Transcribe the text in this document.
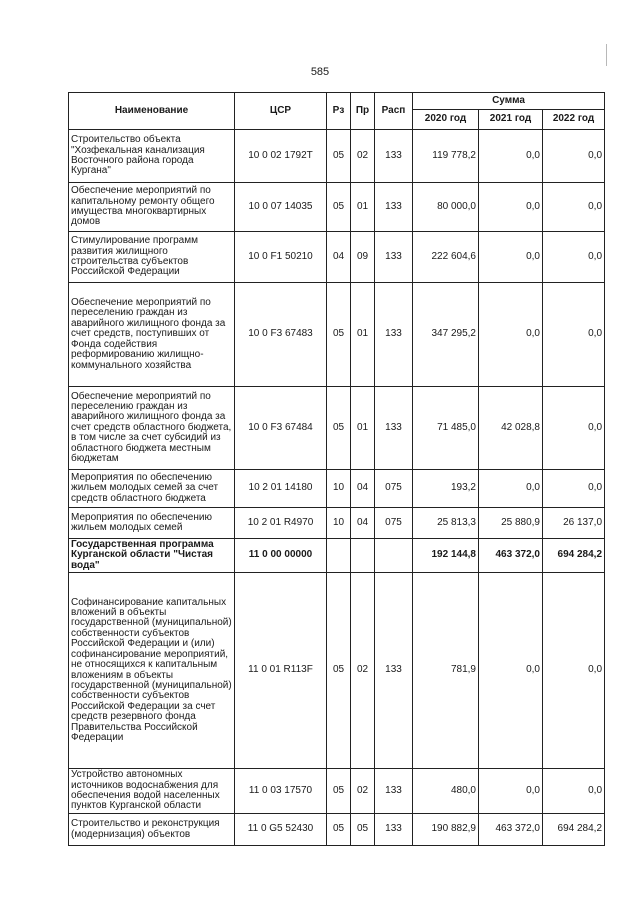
585
Наименование	ЦСР	Рз	Пр	Расп	Сумма		
					2020 год	2021 год	2022 год
Строительство объекта "Хозфекальная канализация Восточного района города Кургана"	10 0 02 1792Т	05	02	133	119 778,2	0,0	0,0
Обеспечение мероприятий по капитальному ремонту общего имущества многоквартирных домов	10 0 07 14035	05	01	133	80 000,0	0,0	0,0
Стимулирование программ развития жилищного строительства субъектов Российской Федерации	10 0 F1 50210	04	09	133	222 604,6	0,0	0,0
Обеспечение мероприятий по переселению граждан из аварийного жилищного фонда за счет средств, поступивших от Фонда содействия реформированию жилищно-коммунального хозяйства	10 0 F3 67483	05	01	133	347 295,2	0,0	0,0
Обеспечение мероприятий по переселению граждан из аварийного жилищного фонда за счет средств областного бюджета, в том числе за счет субсидий из областного бюджета местным бюджетам	10 0 F3 67484	05	01	133	71 485,0	42 028,8	0,0
Мероприятия по обеспечению жильем молодых семей за счет средств областного бюджета	10 2 01 14180	10	04	075	193,2	0,0	0,0
Мероприятия по обеспечению жильем молодых семей	10 2 01 R4970	10	04	075	25 813,3	25 880,9	26 137,0
Государственная программа Курганской области "Чистая вода"	11 0 00 00000				192 144,8	463 372,0	694 284,2
Софинансирование капитальных вложений в объекты государственной (муниципальной) собственности субъектов Российской Федерации и (или) софинансирование мероприятий, не относящихся к капитальным вложениям в объекты государственной (муниципальной) собственности субъектов Российской Федерации за счет средств резервного фонда Правительства Российской Федерации	11 0 01 R113F	05	02	133	781,9	0,0	0,0
Устройство автономных источников водоснабжения для обеспечения водой населенных пунктов Курганской области	11 0 03 17570	05	02	133	480,0	0,0	0,0
Строительство и реконструкция (модернизация) объектов	11 0 G5 52430	05	05	133	190 882,9	463 372,0	694 284,2
